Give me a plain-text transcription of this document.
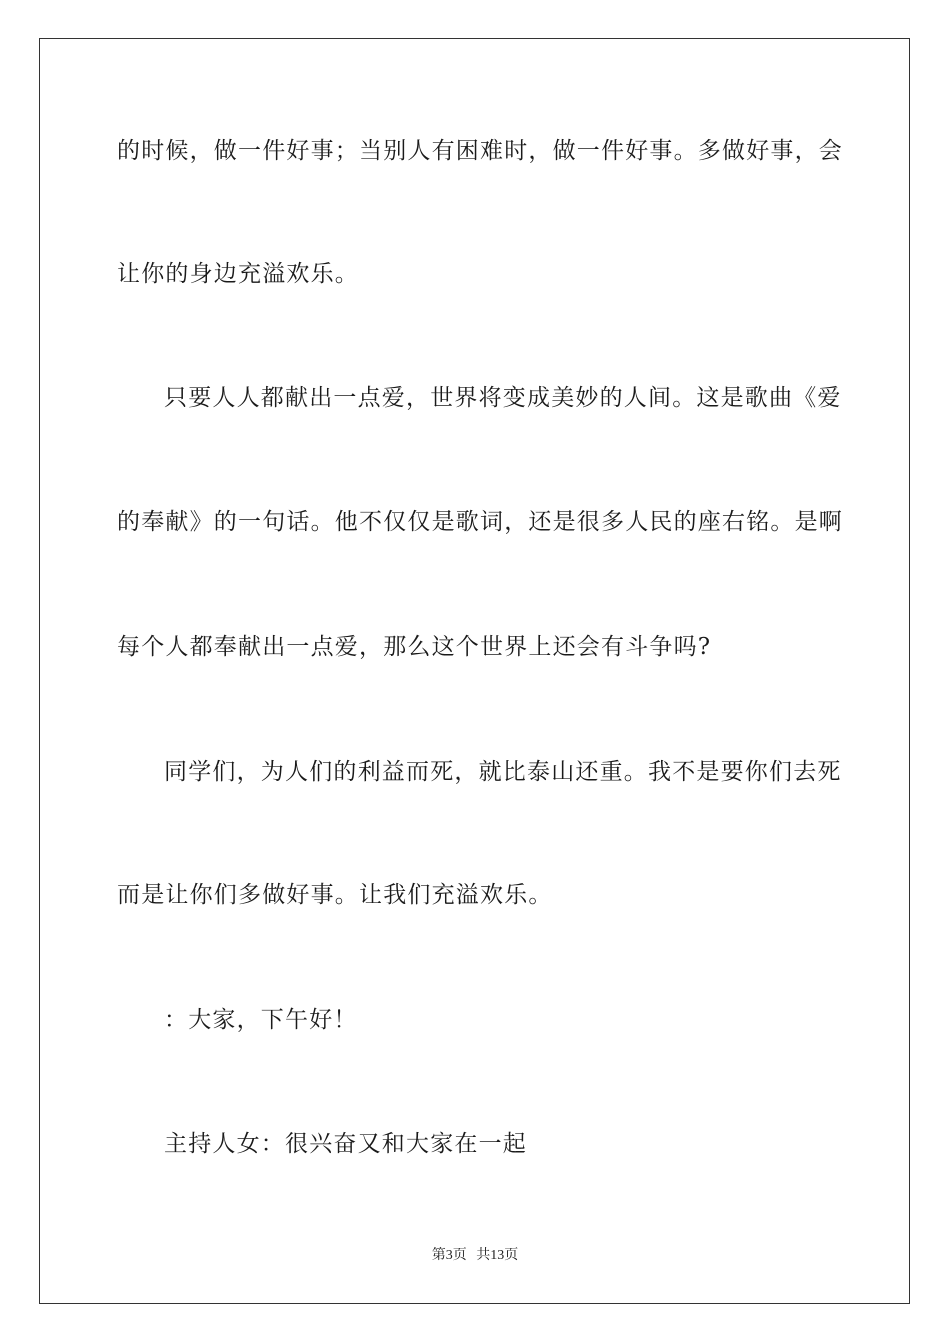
的时候，做一件好事；当别人有困难时，做一件好事。多做好事，会
让你的身边充溢欢乐。
只要人人都献出一点爱，世界将变成美妙的人间。这是歌曲《爱
的奉献》的一句话。他不仅仅是歌词，还是很多人民的座右铭。是啊
每个人都奉献出一点爱，那么这个世界上还会有斗争吗?
同学们，为人们的利益而死，就比泰山还重。我不是要你们去死
而是让你们多做好事。让我们充溢欢乐。
：大家，下午好！
主持人女：很兴奋又和大家在一起
第3页 共13页
